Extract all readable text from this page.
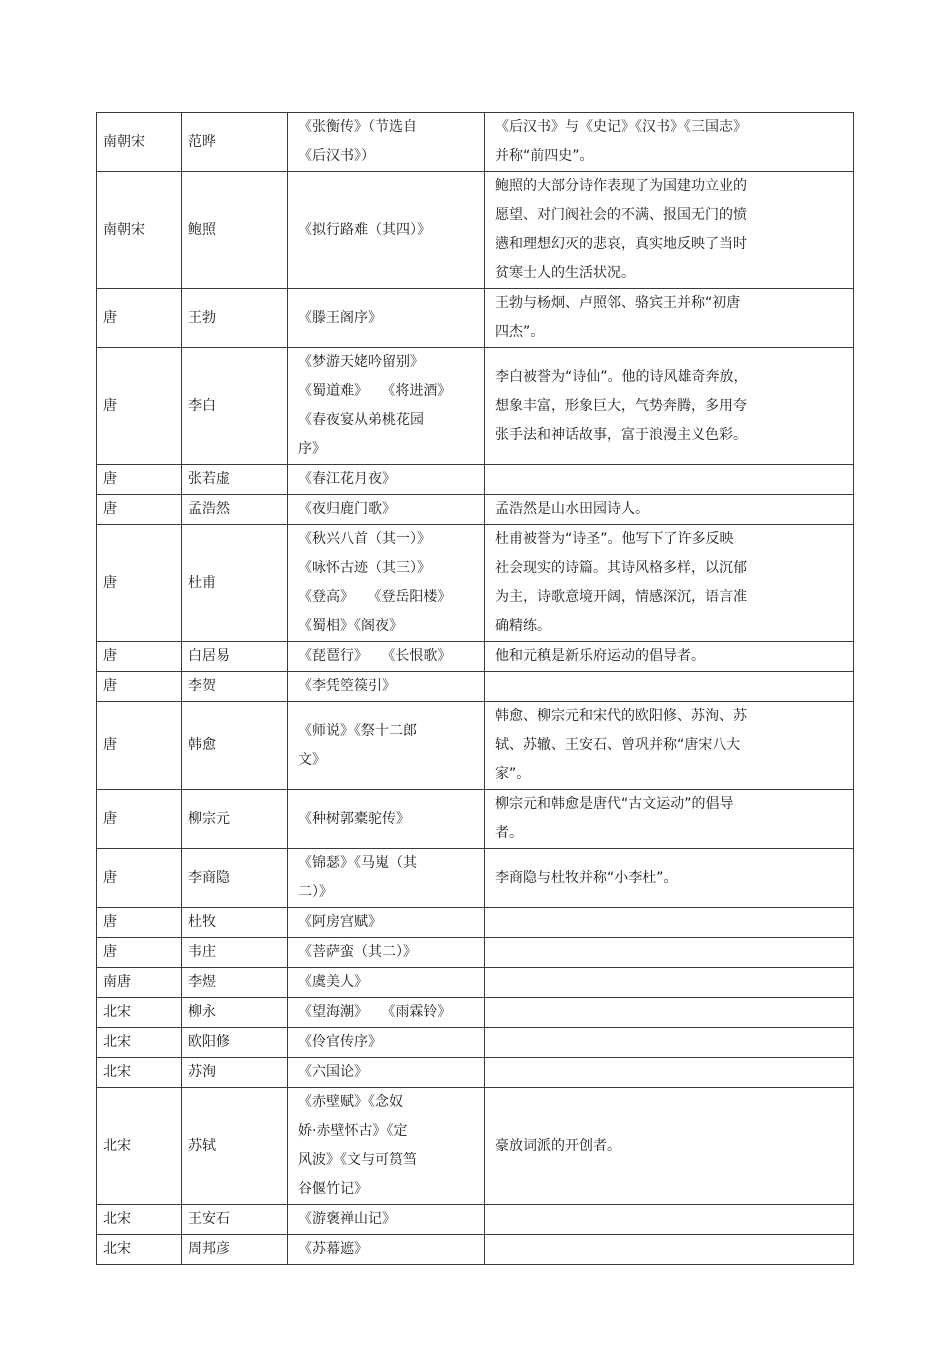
南朝宋	范晔	《张衡传》（节选自
《后汉书》）	《后汉书》与《史记》《汉书》《三国志》
并称“前四史”。

南朝宋	鲍照	《拟行路难（其四）》	鲍照的大部分诗作表现了为国建功立业的
愿望、对门阀社会的不满、报国无门的愤
懑和理想幻灭的悲哀，真实地反映了当时
贫寒士人的生活状况。

唐	王勃	《滕王阁序》	王勃与杨炯、卢照邻、骆宾王并称“初唐
四杰”。

唐	李白	《梦游天姥吟留别》
《蜀道难》   《将进酒》
《春夜宴从弟桃花园
序》	李白被誉为“诗仙”。他的诗风雄奇奔放，
想象丰富，形象巨大，气势奔腾，多用夸
张手法和神话故事，富于浪漫主义色彩。

唐	张若虚	《春江花月夜》	

唐	孟浩然	《夜归鹿门歌》	孟浩然是山水田园诗人。

唐	杜甫	《秋兴八首（其一）》
《咏怀古迹（其三）》
《登高》   《登岳阳楼》
《蜀相》《阁夜》	杜甫被誉为“诗圣”。他写下了许多反映
社会现实的诗篇。其诗风格多样，以沉郁
为主，诗歌意境开阔，情感深沉，语言准
确精练。

唐	白居易	《琵琶行》   《长恨歌》	他和元稹是新乐府运动的倡导者。

唐	李贺	《李凭箜篌引》	

唐	韩愈	《师说》《祭十二郎
文》	韩愈、柳宗元和宋代的欧阳修、苏洵、苏
轼、苏辙、王安石、曾巩并称“唐宋八大
家”。

唐	柳宗元	《种树郭橐驼传》	柳宗元和韩愈是唐代“古文运动”的倡导
者。

唐	李商隐	《锦瑟》《马嵬（其
二）》	李商隐与杜牧并称“小李杜”。

唐	杜牧	《阿房宫赋》	

唐	韦庄	《菩萨蛮（其二）》	

南唐	李煜	《虞美人》	

北宋	柳永	《望海潮》   《雨霖铃》	

北宋	欧阳修	《伶官传序》	

北宋	苏洵	《六国论》	

北宋	苏轼	《赤壁赋》《念奴
娇·赤壁怀古》《定
风波》《文与可筼筜
谷偃竹记》	豪放词派的开创者。

北宋	王安石	《游褒禅山记》	

北宋	周邦彦	《苏幕遮》	
